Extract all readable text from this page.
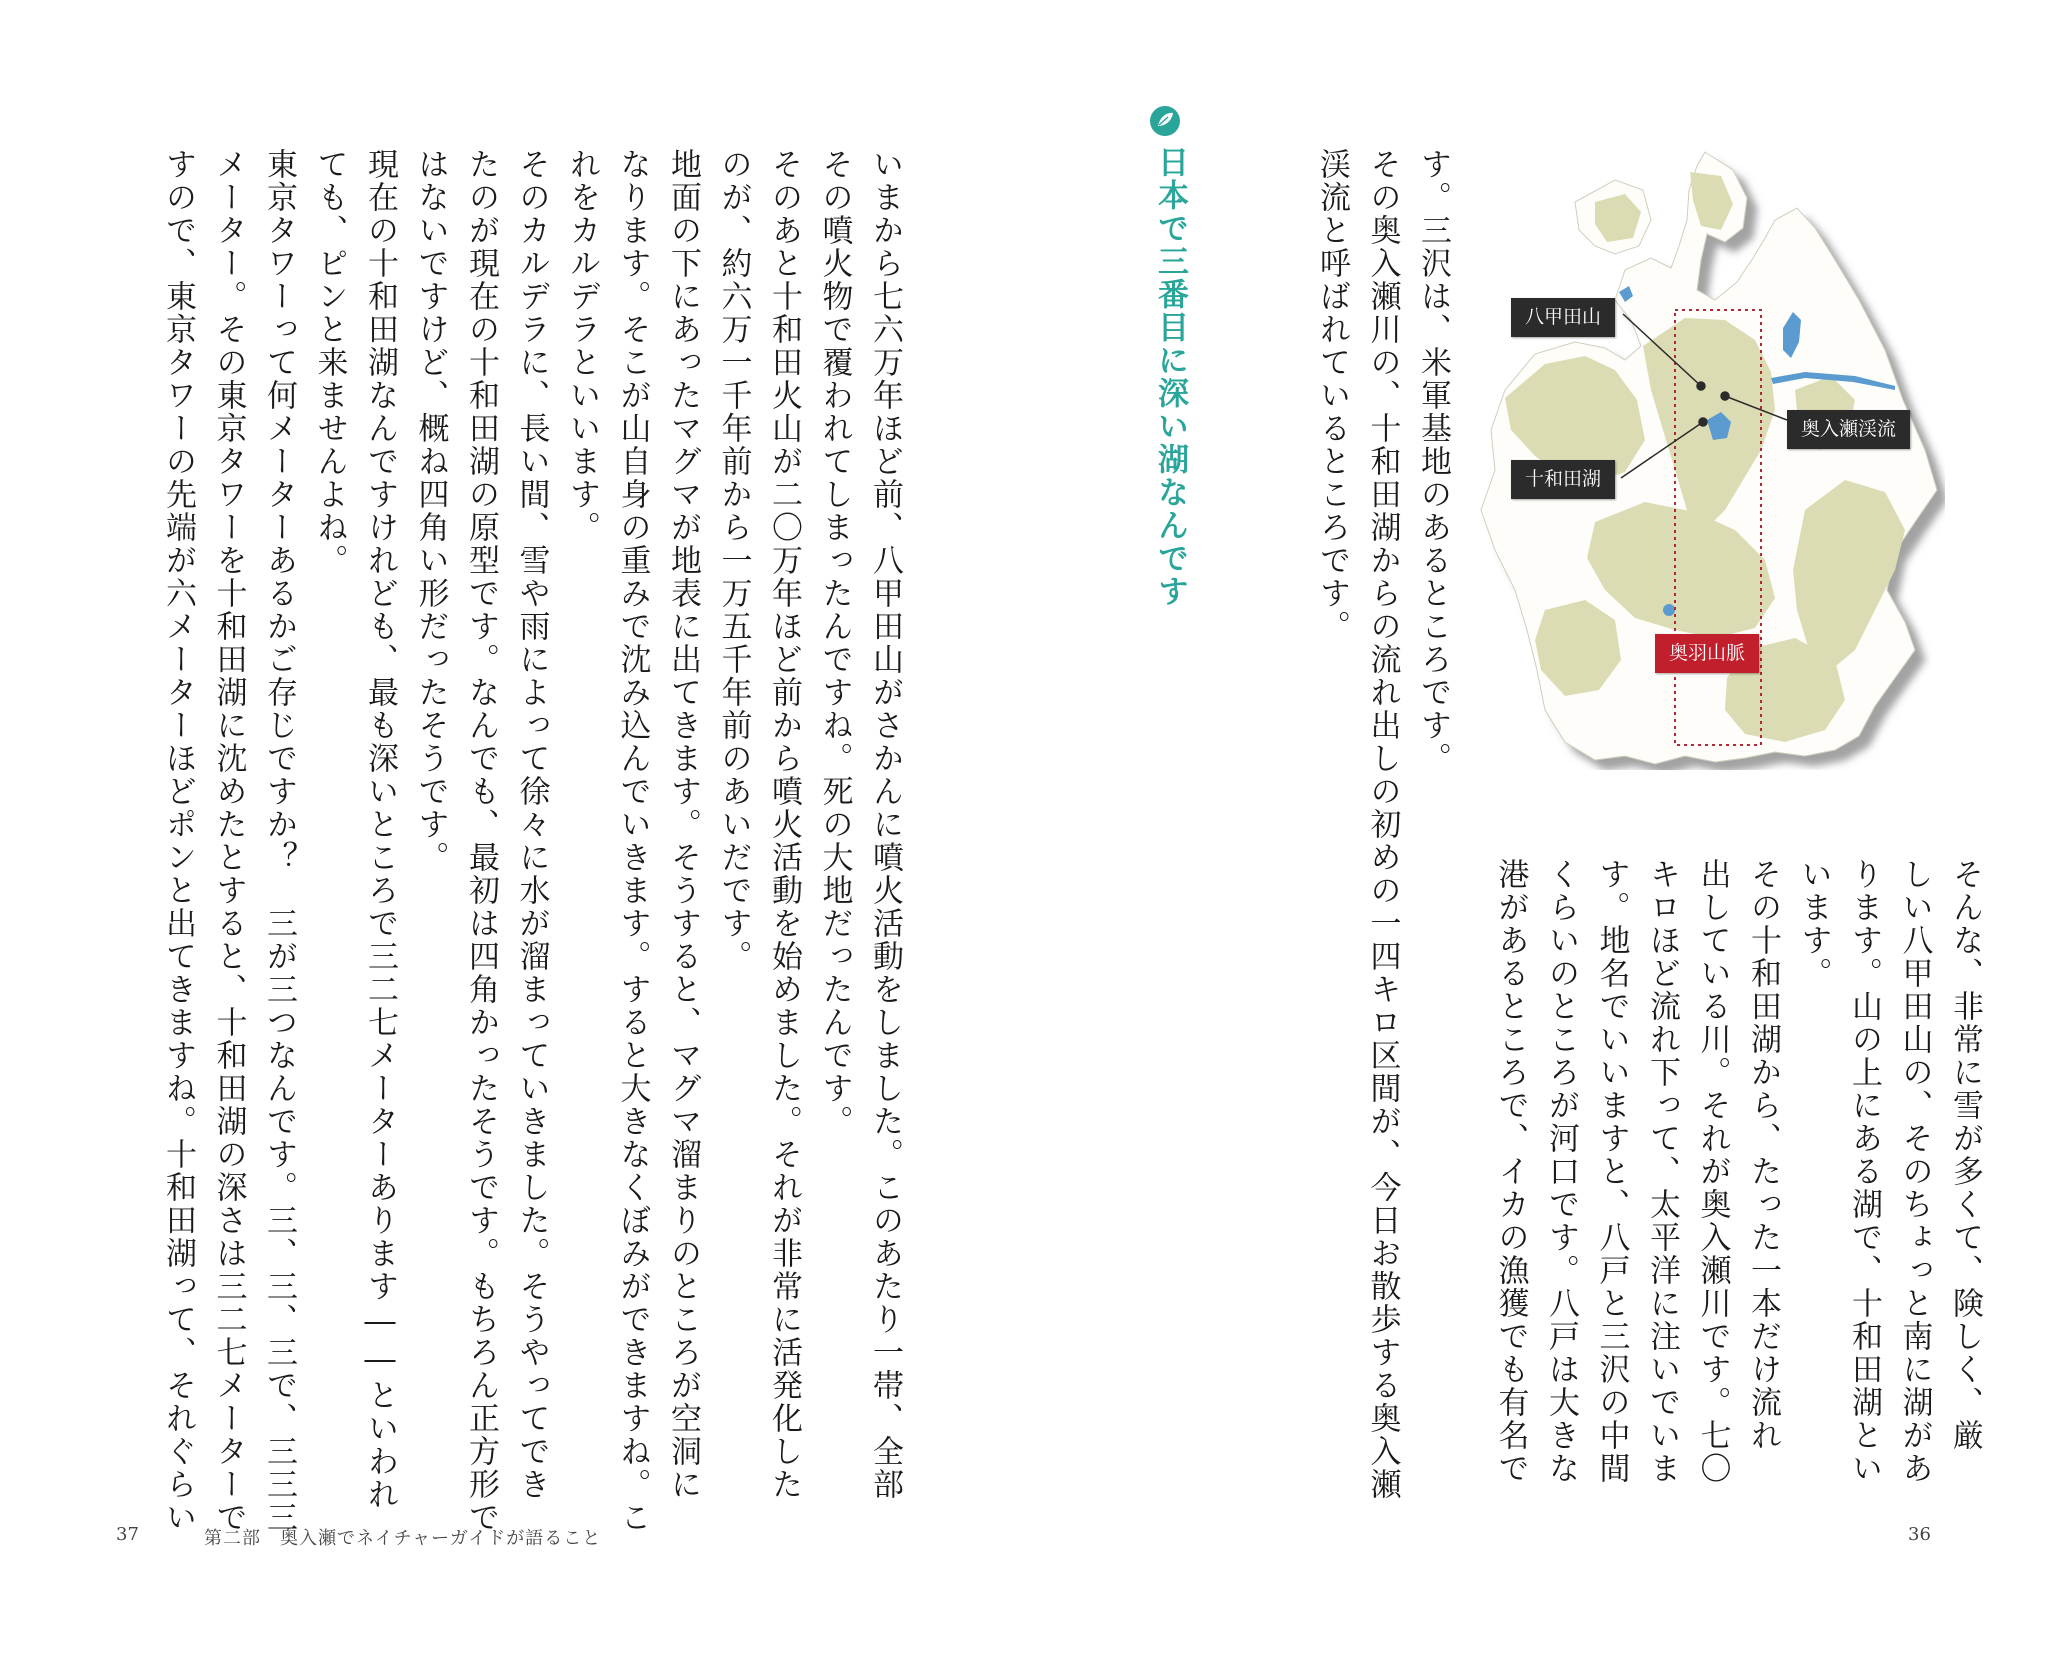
す。三沢は、米軍基地のあるところです。
その奥入瀬川の、十和田湖からの流れ出しの初めの一四キロ区間が、今日お散歩する奥入瀬
渓流と呼ばれているところです。	八甲田山
奥入瀬渓流
十和田湖
奥羽山脈
そんな、非常に雪が多くて、険しく、厳
しい八甲田山の、そのちょっと南に湖があ
ります。山の上にある湖で、十和田湖とい
います。
その十和田湖から、たった一本だけ流れ
出している川。それが奥入瀬川です。七〇
キロほど流れ下って、太平洋に注いでいま
す。地名でいいますと、八戸と三沢の中間
くらいのところが河口です。八戸は大きな
港があるところで、イカの漁獲でも有名で
日本で三番目に深い湖なんです
いまから七六万年ほど前、八甲田山がさかんに噴火活動をしました。このあたり一帯、全部
その噴火物で覆われてしまったんですね。死の大地だったんです。
そのあと十和田火山が二〇万年ほど前から噴火活動を始めました。それが非常に活発化した
のが、約六万一千年前から一万五千年前のあいだです。
地面の下にあったマグマが地表に出てきます。そうすると、マグマ溜まりのところが空洞に
なります。そこが山自身の重みで沈み込んでいきます。すると大きなくぼみができますね。こ
れをカルデラといいます。
そのカルデラに、長い間、雪や雨によって徐々に水が溜まっていきました。そうやってでき
たのが現在の十和田湖の原型です。なんでも、最初は四角かったそうです。もちろん正方形で
はないですけど、概ね四角い形だったそうです。
現在の十和田湖なんですけれども、最も深いところで三二七メーターあります――といわれ
ても、ピンと来ませんよね。
東京タワーって何メーターあるかご存じですか？　三が三つなんです。三、三、三で、三三三
メーター。その東京タワーを十和田湖に沈めたとすると、十和田湖の深さは三二七メーターで
すので、東京タワーの先端が六メーターほどポンと出てきますね。十和田湖って、それぐらい
36
37	第二部　奥入瀬でネイチャーガイドが語ること
